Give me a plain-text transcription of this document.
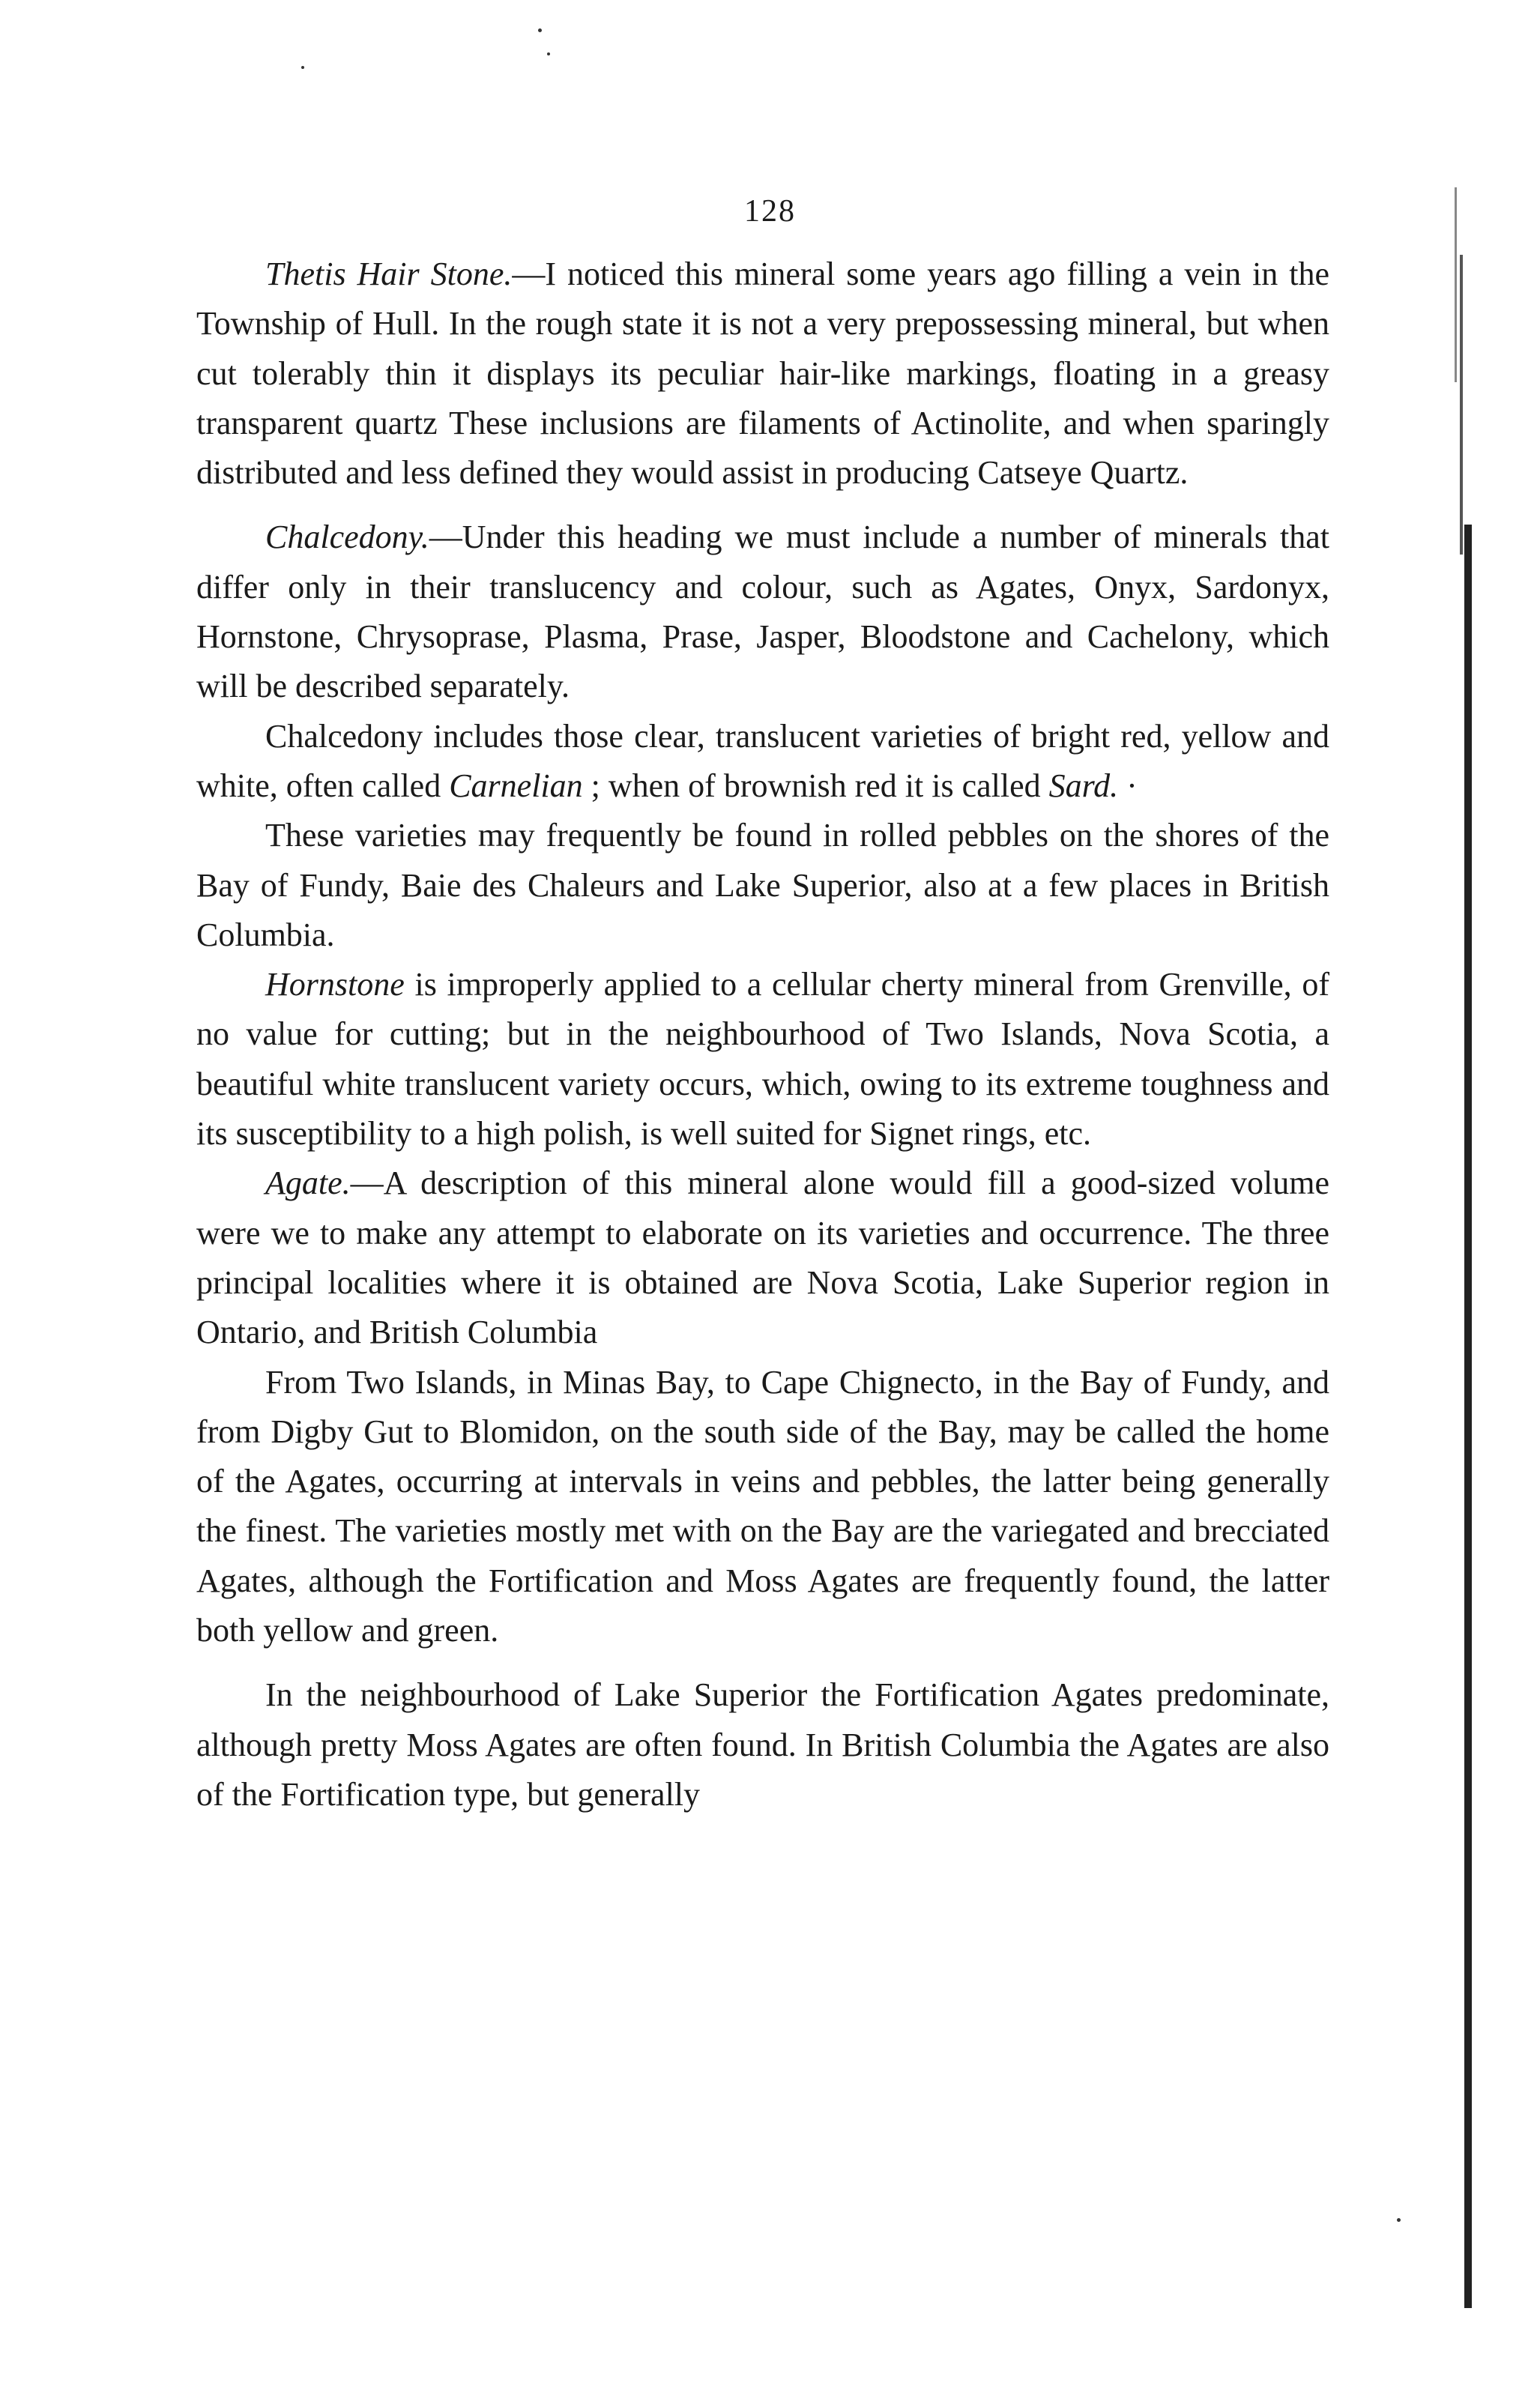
128

Thetis Hair Stone.—I noticed this mineral some years ago filling a vein in the Township of Hull. In the rough state it is not a very prepossessing mineral, but when cut tolerably thin it displays its peculiar hair-like markings, floating in a greasy transparent quartz These inclusions are filaments of Actinolite, and when sparingly distributed and less defined they would assist in producing Catseye Quartz.

Chalcedony.—Under this heading we must include a number of minerals that differ only in their translucency and colour, such as Agates, Onyx, Sardonyx, Hornstone, Chrysoprase, Plasma, Prase, Jasper, Bloodstone and Cachelony, which will be described separately.

Chalcedony includes those clear, translucent varieties of bright red, yellow and white, often called Carnelian ; when of brownish red it is called Sard. ·

These varieties may frequently be found in rolled pebbles on the shores of the Bay of Fundy, Baie des Chaleurs and Lake Superior, also at a few places in British Columbia.

Hornstone is improperly applied to a cellular cherty mineral from Grenville, of no value for cutting; but in the neighbourhood of Two Islands, Nova Scotia, a beautiful white translucent variety occurs, which, owing to its extreme toughness and its susceptibility to a high polish, is well suited for Signet rings, etc.

Agate.—A description of this mineral alone would fill a good-sized volume were we to make any attempt to elaborate on its varieties and occurrence. The three principal localities where it is obtained are Nova Scotia, Lake Superior region in Ontario, and British Columbia

From Two Islands, in Minas Bay, to Cape Chignecto, in the Bay of Fundy, and from Digby Gut to Blomidon, on the south side of the Bay, may be called the home of the Agates, occurring at intervals in veins and pebbles, the latter being generally the finest. The varieties mostly met with on the Bay are the variegated and brecciated Agates, although the Fortification and Moss Agates are frequently found, the latter both yellow and green.

In the neighbourhood of Lake Superior the Fortification Agates predominate, although pretty Moss Agates are often found. In British Columbia the Agates are also of the Fortification type, but generally
